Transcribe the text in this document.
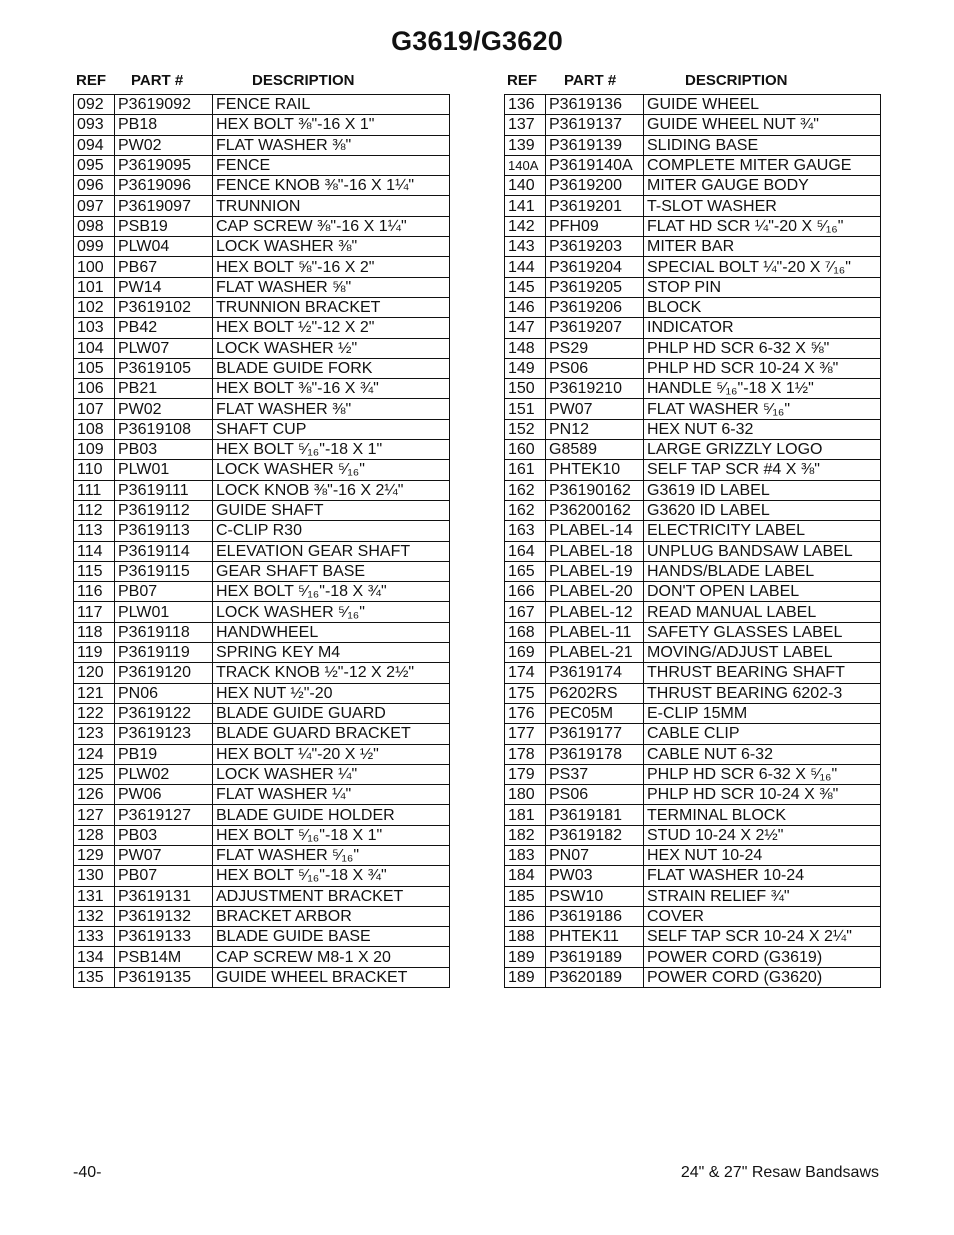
G3619/G3620
REF PART #	DESCRIPTION
092	P3619092	FENCE RAIL
093	PB18	HEX BOLT ⅜"-16 X 1"
094	PW02	FLAT WASHER ⅜"
095	P3619095	FENCE
096	P3619096	FENCE KNOB ⅜"-16 X 1¼"
097	P3619097	TRUNNION
098	PSB19	CAP SCREW ⅜"-16 X 1¼"
099	PLW04	LOCK WASHER ⅜"
100	PB67	HEX BOLT ⅝"-16 X 2"
101	PW14	FLAT WASHER ⅝"
102	P3619102	TRUNNION BRACKET
103	PB42	HEX BOLT ½"-12 X 2"
104	PLW07	LOCK WASHER ½"
105	P3619105	BLADE GUIDE FORK
106	PB21	HEX BOLT ⅜"-16 X ¾"
107	PW02	FLAT WASHER ⅜"
108	P3619108	SHAFT CUP
109	PB03	HEX BOLT ⁵⁄₁₆"-18 X 1"
110	PLW01	LOCK WASHER ⁵⁄₁₆"
111	P3619111	LOCK KNOB ⅜"-16 X 2¼"
112	P3619112	GUIDE SHAFT
113	P3619113	C-CLIP R30
114	P3619114	ELEVATION GEAR SHAFT
115	P3619115	GEAR SHAFT BASE
116	PB07	HEX BOLT ⁵⁄₁₆"-18 X ¾"
117	PLW01	LOCK WASHER ⁵⁄₁₆"
118	P3619118	HANDWHEEL
119	P3619119	SPRING KEY M4
120	P3619120	TRACK KNOB ½"-12 X 2½"
121	PN06	HEX NUT ½"-20
122	P3619122	BLADE GUIDE GUARD
123	P3619123	BLADE GUARD BRACKET
124	PB19	HEX BOLT ¼"-20 X ½"
125	PLW02	LOCK WASHER ¼"
126	PW06	FLAT WASHER ¼"
127	P3619127	BLADE GUIDE HOLDER
128	PB03	HEX BOLT ⁵⁄₁₆"-18 X 1"
129	PW07	FLAT WASHER ⁵⁄₁₆"
130	PB07	HEX BOLT ⁵⁄₁₆"-18 X ¾"
131	P3619131	ADJUSTMENT BRACKET
132	P3619132	BRACKET ARBOR
133	P3619133	BLADE GUIDE BASE
134	PSB14M	CAP SCREW M8-1 X 20
135	P3619135	GUIDE WHEEL BRACKET
REF PART #	DESCRIPTION
136	P3619136	GUIDE WHEEL
137	P3619137	GUIDE WHEEL NUT ¾"
139	P3619139	SLIDING BASE
140A	P3619140A	COMPLETE MITER GAUGE
140	P3619200	MITER GAUGE BODY
141	P3619201	T-SLOT WASHER
142	PFH09	FLAT HD SCR ¼"-20 X ⁵⁄₁₆"
143	P3619203	MITER BAR
144	P3619204	SPECIAL BOLT ¼"-20 X ⁷⁄₁₆"
145	P3619205	STOP PIN
146	P3619206	BLOCK
147	P3619207	INDICATOR
148	PS29	PHLP HD SCR 6-32 X ⅝"
149	PS06	PHLP HD SCR 10-24 X ⅜"
150	P3619210	HANDLE ⁵⁄₁₆"-18 X 1½"
151	PW07	FLAT WASHER ⁵⁄₁₆"
152	PN12	HEX NUT 6-32
160	G8589	LARGE GRIZZLY LOGO
161	PHTEK10	SELF TAP SCR #4 X ⅜"
162	P36190162	G3619 ID LABEL
162	P36200162	G3620 ID LABEL
163	PLABEL-14	ELECTRICITY LABEL
164	PLABEL-18	UNPLUG BANDSAW LABEL
165	PLABEL-19	HANDS/BLADE LABEL
166	PLABEL-20	DON'T OPEN LABEL
167	PLABEL-12	READ MANUAL LABEL
168	PLABEL-11	SAFETY GLASSES LABEL
169	PLABEL-21	MOVING/ADJUST LABEL
174	P3619174	THRUST BEARING SHAFT
175	P6202RS	THRUST BEARING 6202-3
176	PEC05M	E-CLIP 15MM
177	P3619177	CABLE CLIP
178	P3619178	CABLE NUT 6-32
179	PS37	PHLP HD SCR 6-32 X ⁵⁄₁₆"
180	PS06	PHLP HD SCR 10-24 X ⅜"
181	P3619181	TERMINAL BLOCK
182	P3619182	STUD 10-24 X 2½"
183	PN07	HEX NUT 10-24
184	PW03	FLAT WASHER 10-24
185	PSW10	STRAIN RELIEF ¾"
186	P3619186	COVER
188	PHTEK11	SELF TAP SCR 10-24 X 2¼"
189	P3619189	POWER CORD (G3619)
189	P3620189	POWER CORD (G3620)
-40-	24" & 27" Resaw Bandsaws
